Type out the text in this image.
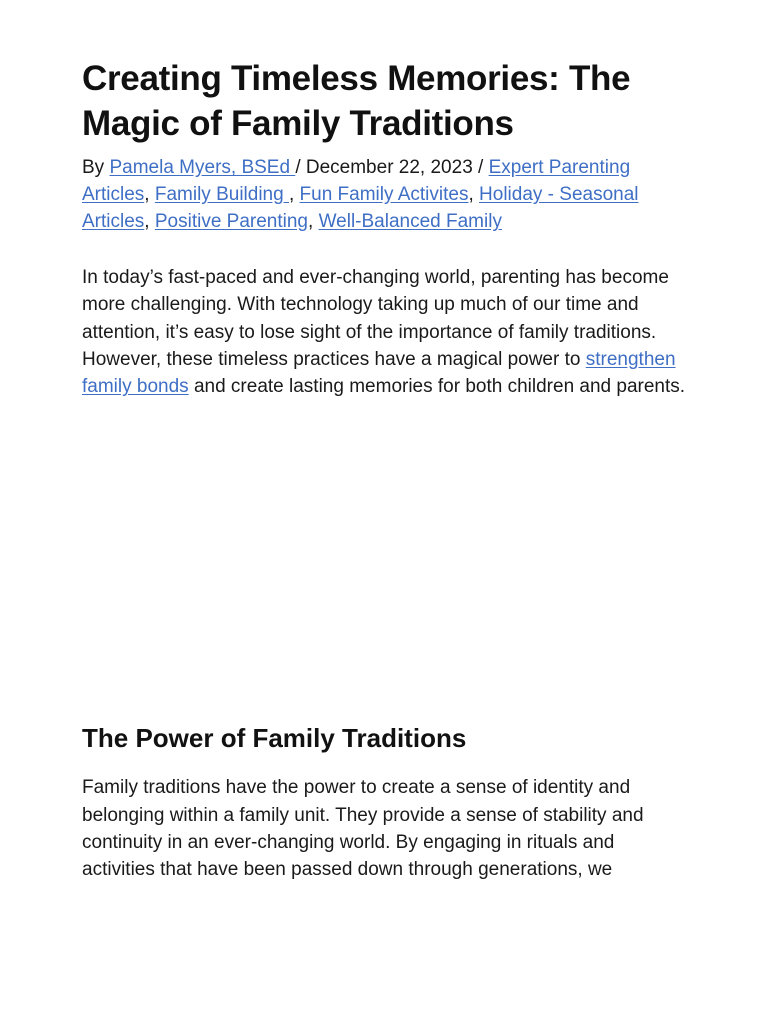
Creating Timeless Memories: The Magic of Family Traditions
By Pamela Myers, BSEd / December 22, 2023 / Expert Parenting Articles, Family Building , Fun Family Activites, Holiday - Seasonal Articles, Positive Parenting, Well-Balanced Family

In today’s fast-paced and ever-changing world, parenting has become more challenging. With technology taking up much of our time and attention, it’s easy to lose sight of the importance of family traditions. However, these timeless practices have a magical power to strengthen family bonds and create lasting memories for both children and parents.

The Power of Family Traditions

Family traditions have the power to create a sense of identity and belonging within a family unit. They provide a sense of stability and continuity in an ever-changing world. By engaging in rituals and activities that have been passed down through generations, we
